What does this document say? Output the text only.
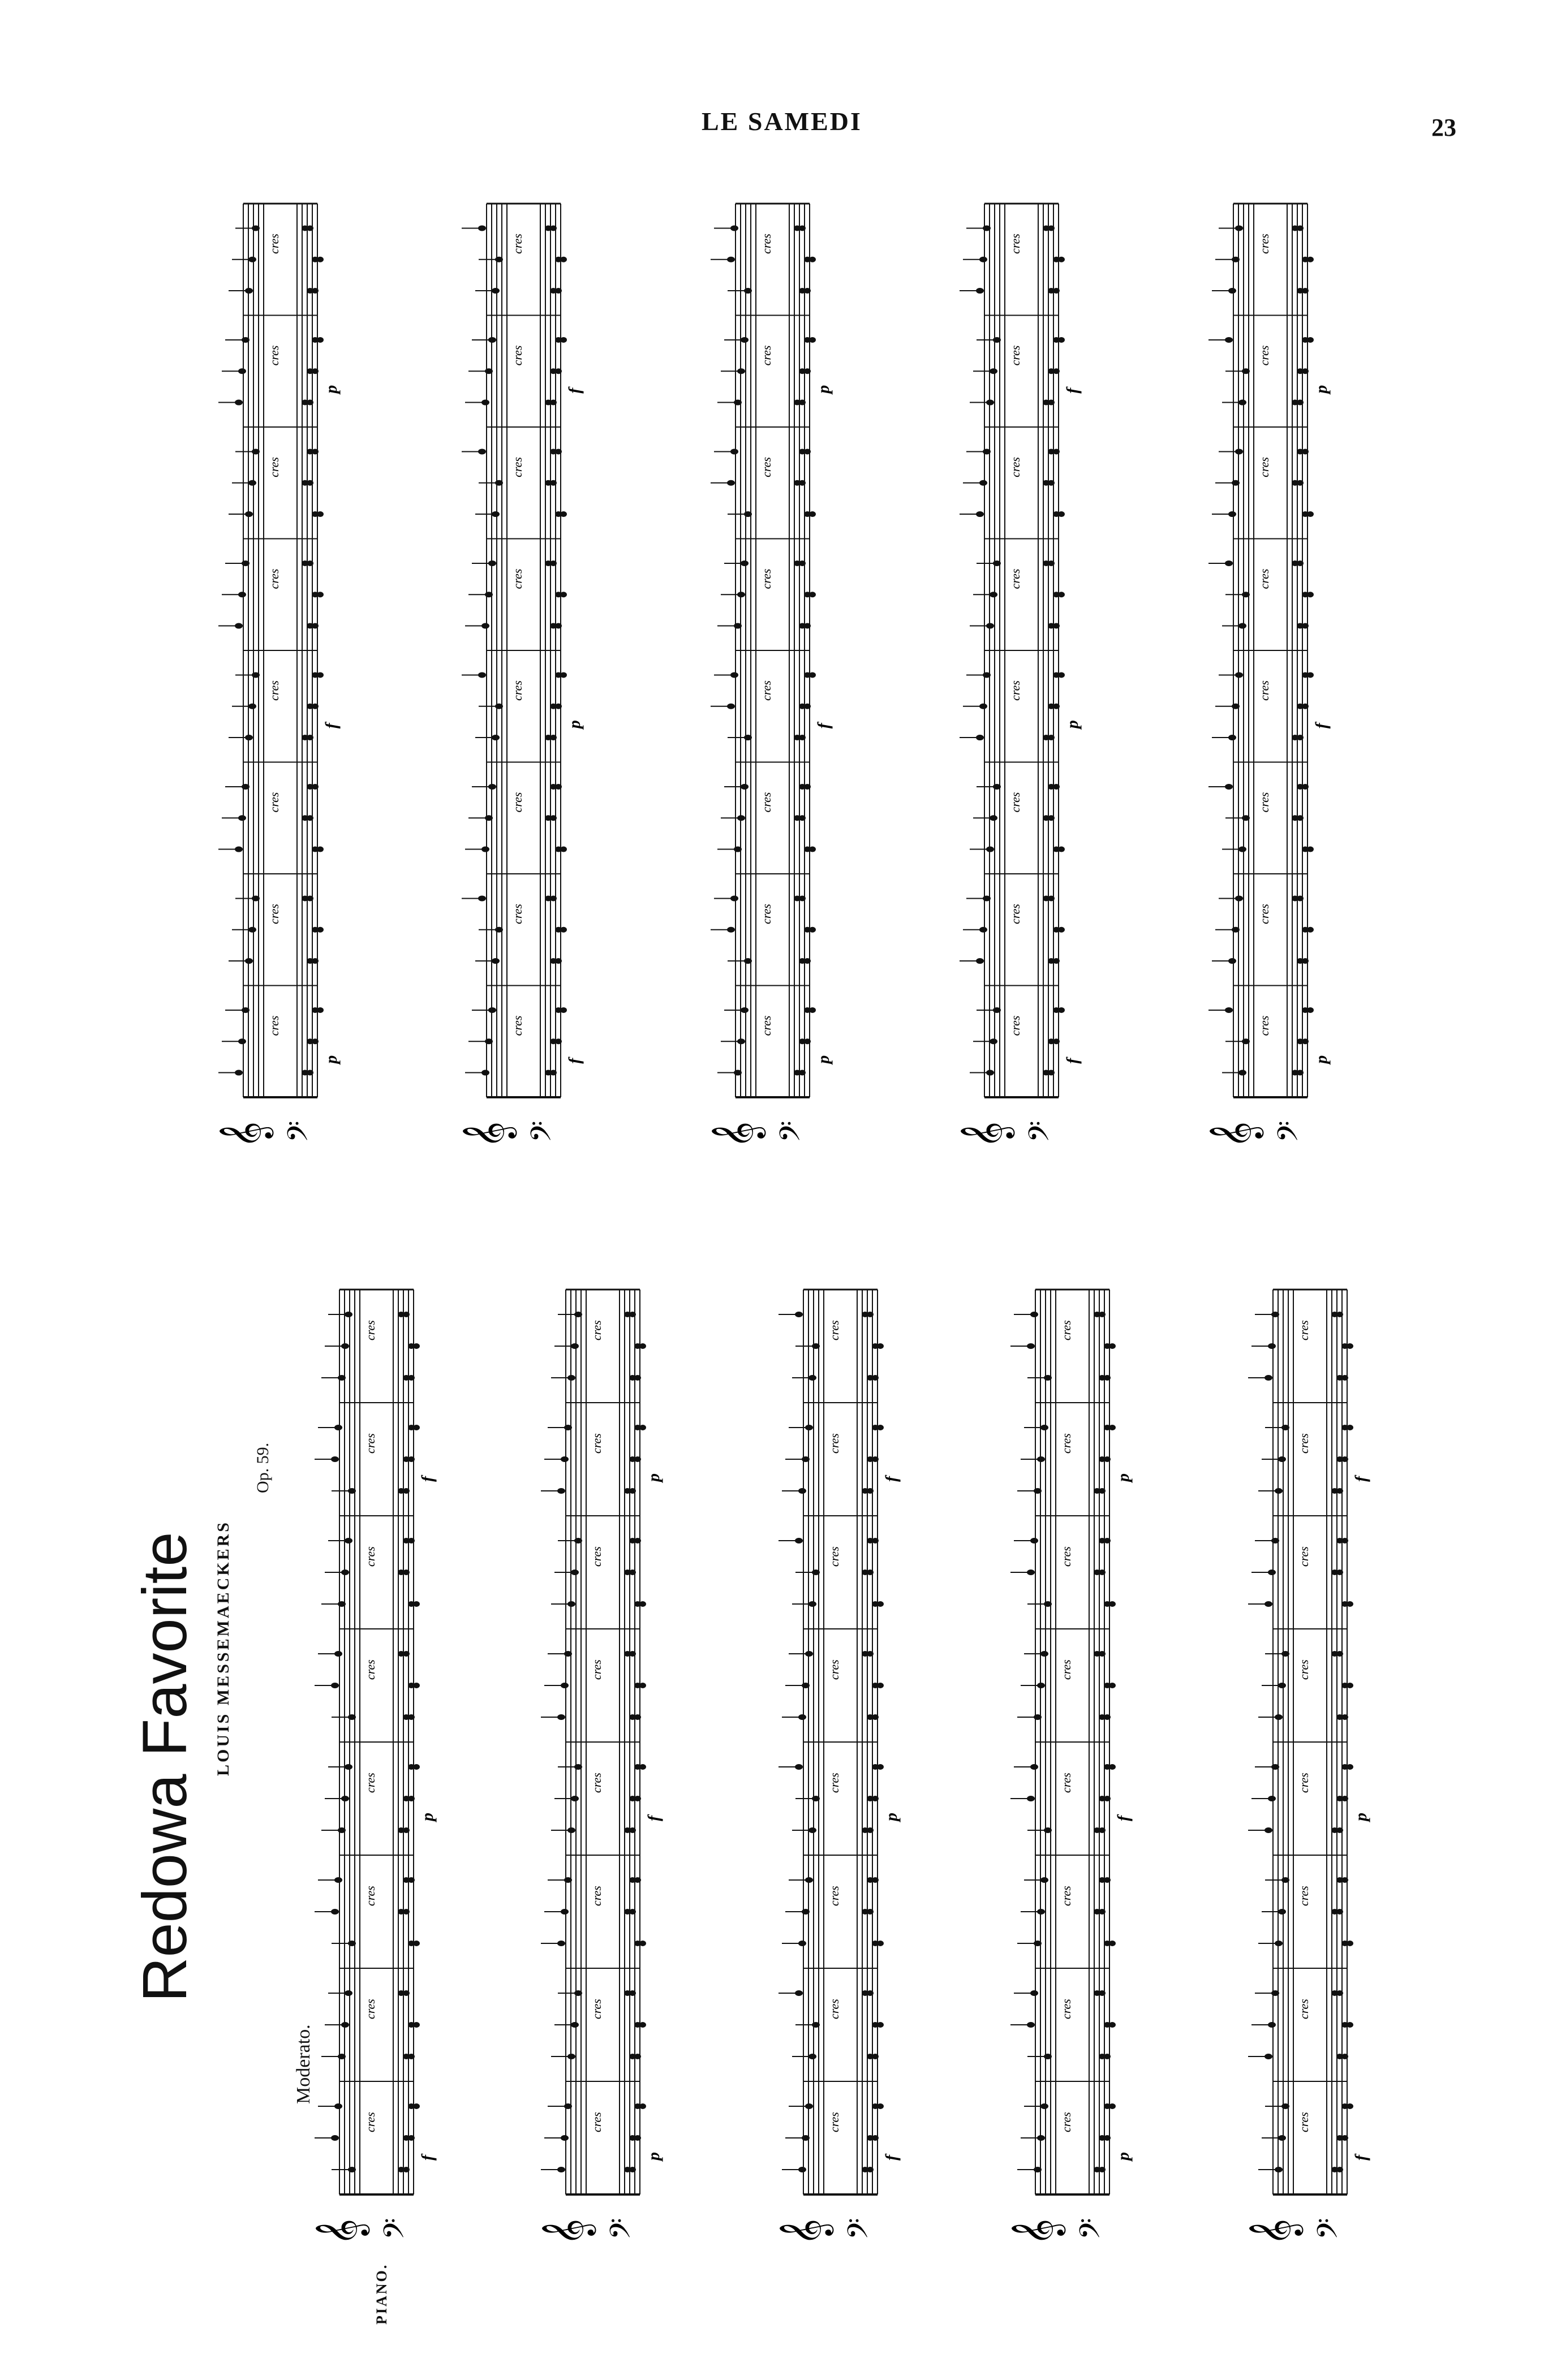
LE SAMEDI	23
Redowa Favorite LOUIS MESSEMAECKERS
Op. 59.
Moderato.
PIANO.
cres
p
cres
cres
cres
f
cres
cres
cres
p
cres
𝄞 𝄢
cres
f
cres
cres
cres
p
cres
cres
cres
f
cres
𝄞 𝄢
cres
p
cres
cres
cres
f
cres
cres
cres
p
cres
𝄞 𝄢
cres
f
cres
cres
cres
p
cres
cres
cres
f
cres
𝄞 𝄢
cres
p
cres
cres
cres
f
cres
cres
cres
p
cres
𝄞 𝄢
cres
f
cres
cres
cres
p
cres
cres
cres
f
cres
𝄞 𝄢
cres
p
cres
cres
cres
f
cres
cres
cres
p
cres
𝄞 𝄢
cres
f
cres
cres
cres
p
cres
cres
cres
f
cres
𝄞 𝄢
cres
p
cres
cres
cres
f
cres
cres
cres
p
cres
𝄞 𝄢
cres
f
cres
cres
cres
p
cres
cres
cres
f
cres
𝄞 𝄢
